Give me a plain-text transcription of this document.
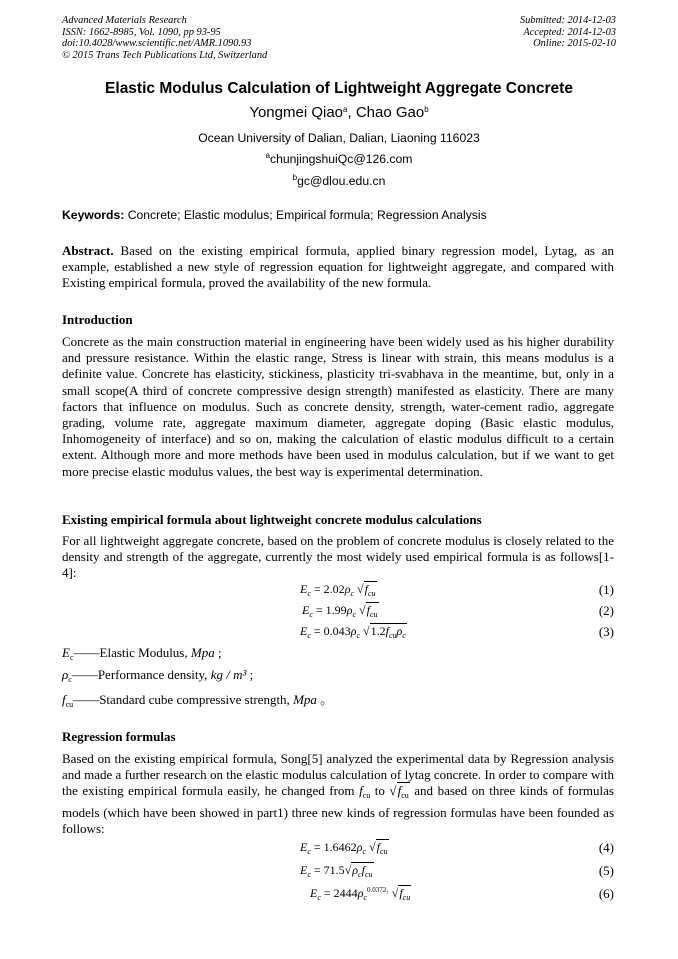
Advanced Materials Research
ISSN: 1662-8985, Vol. 1090, pp 93-95
doi:10.4028/www.scientific.net/AMR.1090.93
© 2015 Trans Tech Publications Ltd, Switzerland
Submitted: 2014-12-03
Accepted: 2014-12-03
Online: 2015-02-10
Elastic Modulus Calculation of Lightweight Aggregate Concrete
Yongmei Qiao$^a$, Chao Gao$^b$
Ocean University of Dalian, Dalian, Liaoning 116023
$^a$chunjingshuiQc@126.com
$^b$gc@dlou.edu.cn
Keywords: Concrete; Elastic modulus; Empirical formula; Regression Analysis
Abstract. Based on the existing empirical formula, applied binary regression model, Lytag, as an example, established a new style of regression equation for lightweight aggregate, and compared with Existing empirical formula, proved the availability of the new formula.
Introduction
Concrete as the main construction material in engineering have been widely used as his higher durability and pressure resistance. Within the elastic range, Stress is linear with strain, this means modulus is a definite value. Concrete has elasticity, stickiness, plasticity tri-svabhava in the meantime, but, only in a small scope(A third of concrete compressive design strength) manifested as elasticity. There are many factors that influence on modulus. Such as concrete density, strength, water-cement radio, aggregate grading, volume rate, aggregate maximum diameter, aggregate doping (Basic elastic modulus, Inhomogeneity of interface) and so on, making the calculation of elastic modulus difficult to a certain extent. Although more and more methods have been used in modulus calculation, but if we want to get more precise elastic modulus values, the best way is experimental determination.
Existing empirical formula about lightweight concrete modulus calculations
For all lightweight aggregate concrete, based on the problem of concrete modulus is closely related to the density and strength of the aggregate, currently the most widely used empirical formula is as follows[1-4]:
$E_c = 2.02\rho_c$ $√f_{cu}$	(1)
$E_c = 1.99\rho_c$ $√f_{cu}$	(2)
$E_c = 0.043\rho_c$ $√1.2f_{cu}\rho_c$	(3)
$E_c——Elastic$ Modulus, Mpa ;
$\rho_c——Performance$ density, kg / m³ ;
$f_{cu}——Standard$ cube compressive strength, Mpa 。
Regression formulas
Based on the existing empirical formula, Song[5] analyzed the experimental data by Regression analysis and made a further research on the elastic modulus calculation of lytag concrete. In order to compare with the existing empirical formula easily, he changed from $f_{cu}$ to $√f_{cu}$ and based on three kinds of formulas models (which have been showed in part1) three new kinds of regression formulas have been founded as follows:
$E_c = 1.6462\rho_c$ $√f_{cu}$	(4)
$E_c = 71.5√\rho_cf_{cu}$	(5)
$E_c = 2444\rho_c^{0.0372_1}$ $√f_{cu}$	(6)
